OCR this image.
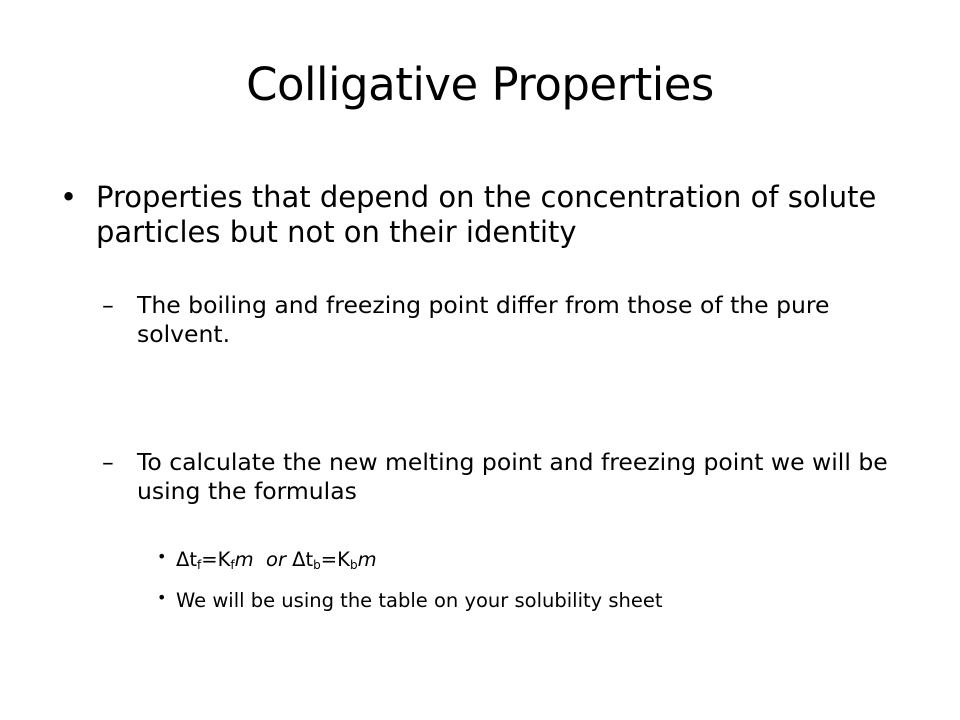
Colligative Properties
• Properties that depend on the concentration of solute particles but not on their identity
– The boiling and freezing point differ from those of the pure solvent.
– To calculate the new melting point and freezing point we will be using the formulas
• $\Delta t_f=K_fm$ or $\Delta t_b=K_bm$
• We will be using the table on your solubility sheet
